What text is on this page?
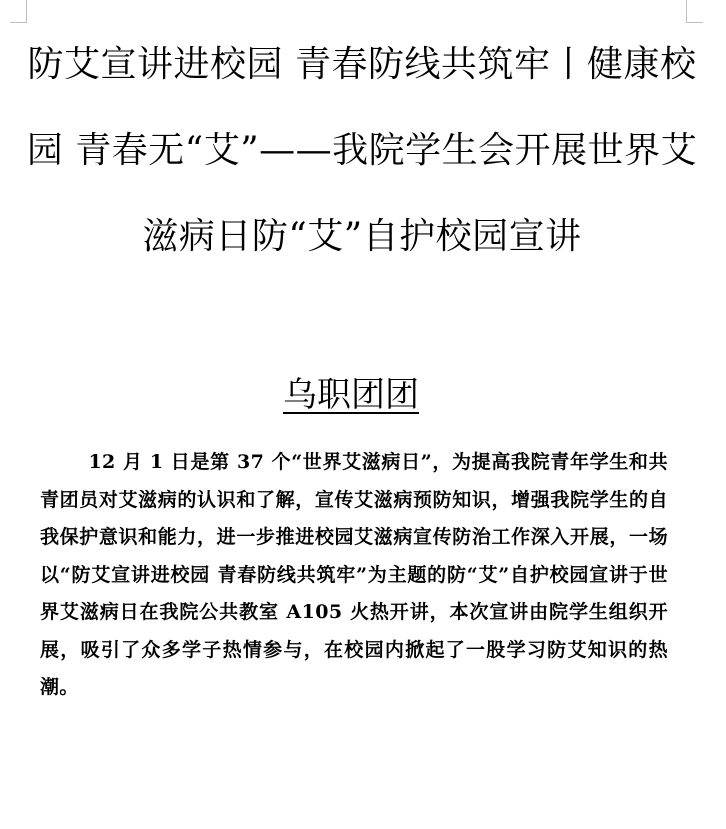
防艾宣讲进校园 青春防线共筑牢丨健康校园 青春无“艾”——我院学生会开展世界艾滋病日防“艾”自护校园宣讲
乌职团团

12 月 1 日是第 37 个“世界艾滋病日”，为提高我院青年学生和共青团员对艾滋病的认识和了解，宣传艾滋病预防知识，增强我院学生的自我保护意识和能力，进一步推进校园艾滋病宣传防治工作深入开展，一场以“防艾宣讲进校园 青春防线共筑牢”为主题的防“艾”自护校园宣讲于世界艾滋病日在我院公共教室 A105 火热开讲，本次宣讲由院学生组织开展，吸引了众多学子热情参与，在校园内掀起了一股学习防艾知识的热潮。
